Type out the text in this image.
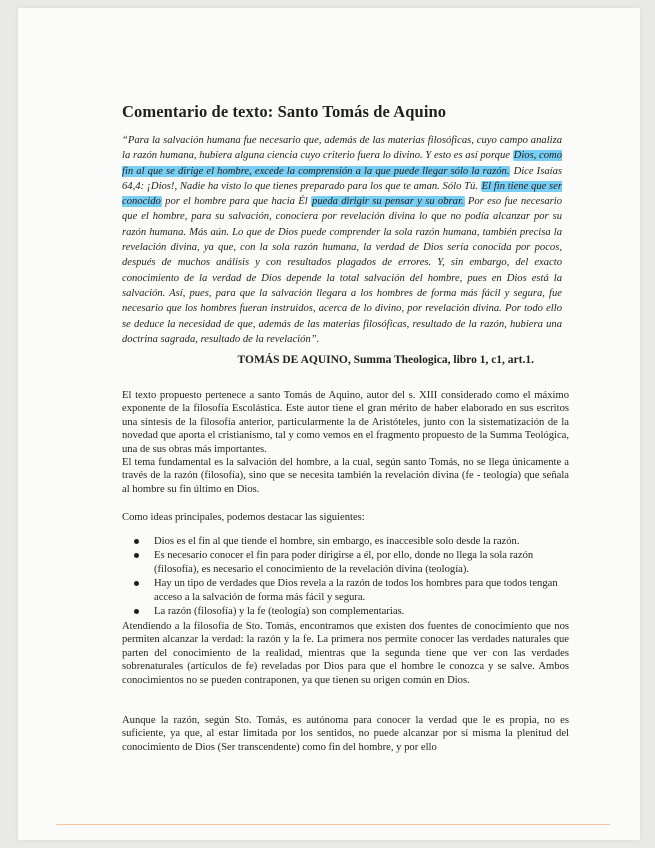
· · · · · · · · · ·
· · · · · · · · · · · · · · · · · ·
Comentario de texto: Santo Tomás de Aquino
“Para la salvación humana fue necesario que, además de las materias filosóficas, cuyo campo analiza la razón humana, hubiera alguna ciencia cuyo criterio fuera lo divino. Y esto es así porque Dios, como fin al que se dirige el hombre, excede la comprensión a la que puede llegar sólo la razón. Dice Isaías 64,4: ¡Dios!, Nadie ha visto lo que tienes preparado para los que te aman. Sólo Tú. El fin tiene que ser conocido por el hombre para que hacia Él pueda dirigir su pensar y su obrar. Por eso fue necesario que el hombre, para su salvación, conociera por revelación divina lo que no podía alcanzar por su razón humana. Más aún. Lo que de Dios puede comprender la sola razón humana, también precisa la revelación divina, ya que, con la sola razón humana, la verdad de Dios sería conocida por pocos, después de muchos análisis y con resultados plagados de errores. Y, sin embargo, del exacto conocimiento de la verdad de Dios depende la total salvación del hombre, pues en Dios está la salvación. Así, pues, para que la salvación llegara a los hombres de forma más fácil y segura, fue necesario que los hombres fueran instruidos, acerca de lo divino, por revelación divina. Por todo ello se deduce la necesidad de que, además de las materias filosóficas, resultado de la razón, hubiera una doctrina sagrada, resultado de la revelación”.
TOMÁS DE AQUINO, Summa Theologica, libro 1, c1, art.1.
El texto propuesto pertenece a santo Tomás de Aquino, autor del s. XIII considerado como el máximo exponente de la filosofía Escolástica. Este autor tiene el gran mérito de haber elaborado en sus escritos una síntesis de la filosofía anterior, particularmente la de Aristóteles, junto con la sistematización de la novedad que aporta el cristianismo, tal y como vemos en el fragmento propuesto de la Summa Teológica, una de sus obras más importantes.
El tema fundamental es la salvación del hombre, a la cual, según santo Tomás, no se llega únicamente a través de la razón (filosofía), sino que se necesita también la revelación divina (fe - teología) que señala al hombre su fin último en Dios.
Como ideas principales, podemos destacar las siguientes:
Dios es el fin al que tiende el hombre, sin embargo, es inaccesible solo desde la razón.
Es necesario conocer el fin para poder dirigirse a él, por ello, donde no llega la sola razón (filosofía), es necesario el conocimiento de la revelación divina (teología).
Hay un tipo de verdades que Dios revela a la razón de todos los hombres para que todos tengan acceso a la salvación de forma más fácil y segura.
La razón (filosofía) y la fe (teología) son complementarias.
Atendiendo a la filosofía de Sto. Tomás, encontramos que existen dos fuentes de conocimiento que nos permiten alcanzar la verdad: la razón y la fe. La primera nos permite conocer las verdades naturales que parten del conocimiento de la realidad, mientras que la segunda tiene que ver con las verdades sobrenaturales (artículos de fe) reveladas por Dios para que el hombre le conozca y se salve. Ambos conocimientos no se pueden contraponen, ya que tienen su origen común en Dios.
Aunque la razón, según Sto. Tomás, es autónoma para conocer la verdad que le es propia, no es suficiente, ya que, al estar limitada por los sentidos, no puede alcanzar por sí misma la plenitud del conocimiento de Dios (Ser transcendente) como fin del hombre, y por ello
